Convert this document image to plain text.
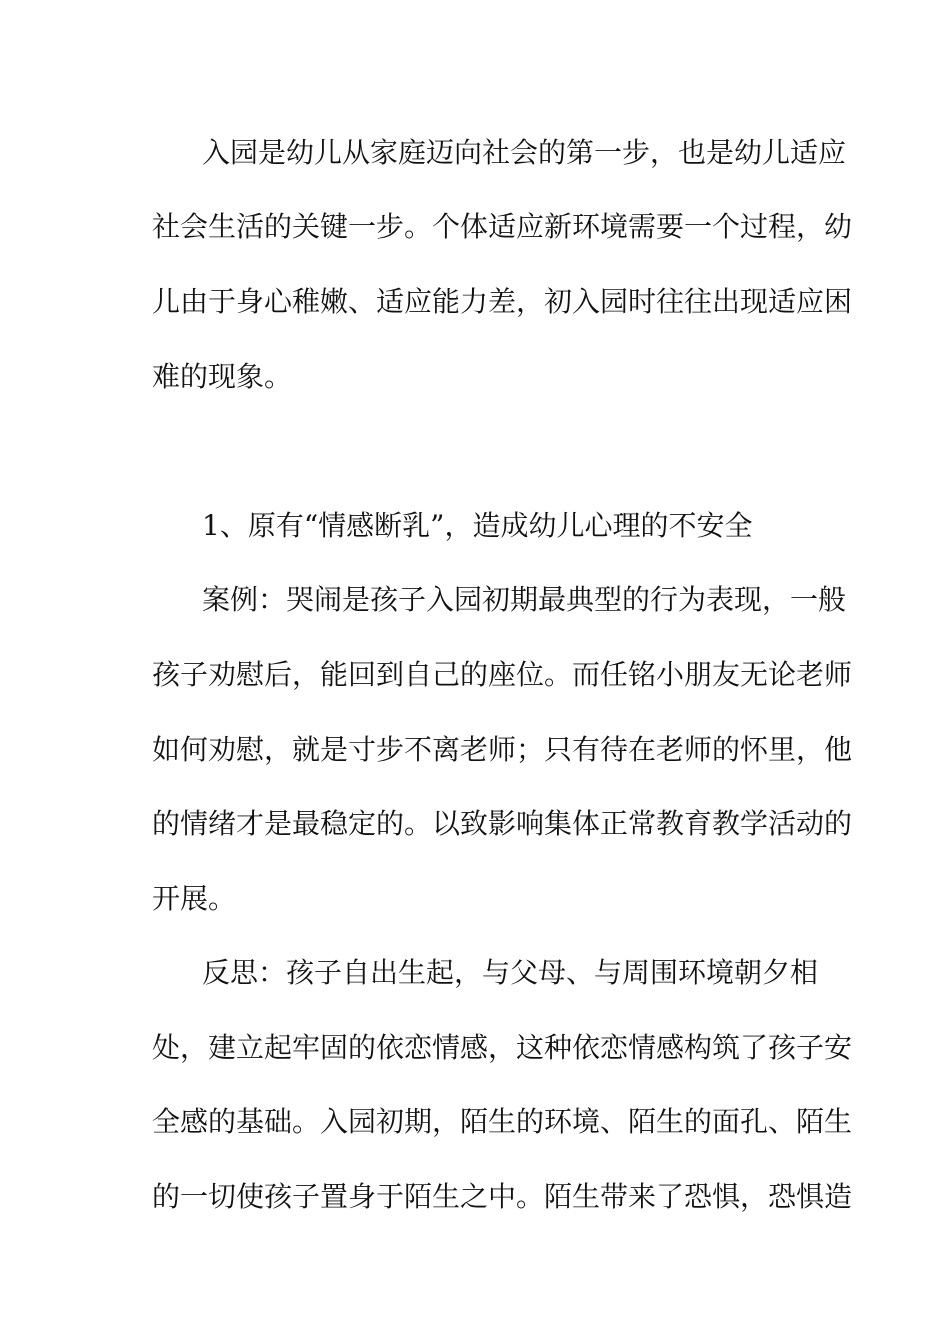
入园是幼儿从家庭迈向社会的第一步，也是幼儿适应
社会生活的关键一步。个体适应新环境需要一个过程，幼
儿由于身心稚嫩、适应能力差，初入园时往往出现适应困
难的现象。
1、原有“情感断乳”，造成幼儿心理的不安全
案例：哭闹是孩子入园初期最典型的行为表现，一般
孩子劝慰后，能回到自己的座位。而任铭小朋友无论老师
如何劝慰，就是寸步不离老师；只有待在老师的怀里，他
的情绪才是最稳定的。以致影响集体正常教育教学活动的
开展。
反思：孩子自出生起，与父母、与周围环境朝夕相
处，建立起牢固的依恋情感，这种依恋情感构筑了孩子安
全感的基础。入园初期，陌生的环境、陌生的面孔、陌生
的一切使孩子置身于陌生之中。陌生带来了恐惧，恐惧造
